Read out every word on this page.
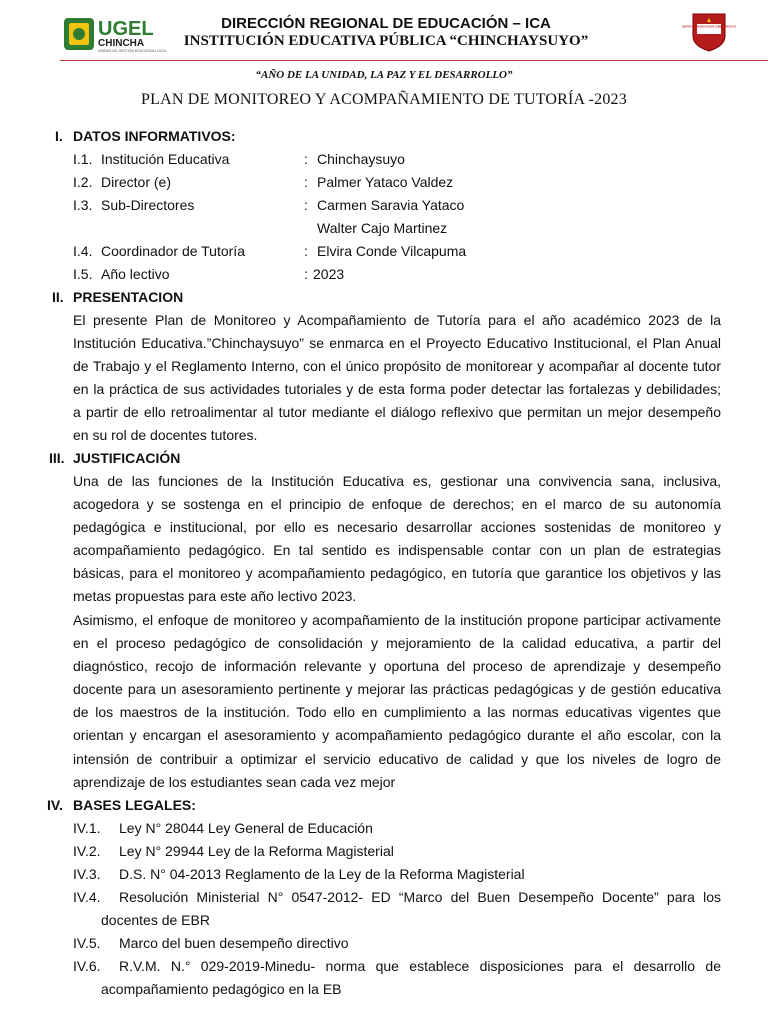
UGEL
CHINCHA
UNIDAD DE GESTIÓN EDUCATIVA LOCAL
DIRECCIÓN REGIONAL DE EDUCACIÓN – ICA
INSTITUCIÓN EDUCATIVA PÚBLICA “CHINCHAYSUYO”
INSTITUCIÓN EDUCATIVA CHINCHAYSUYO
“AÑO DE LA UNIDAD, LA PAZ Y EL DESARROLLO”
PLAN DE MONITOREO Y ACOMPAÑAMIENTO DE TUTORÍA -2023
I. DATOS INFORMATIVOS:
I.1. Institución Educativa	: Chinchaysuyo
I.2. Director (e)	: Palmer Yataco Valdez
I.3. Sub-Directores	: Carmen Saravia Yataco
Walter Cajo Martinez
I.4. Coordinador de Tutoría	: Elvira Conde Vilcapuma
I.5. Año lectivo	: 2023
II. PRESENTACION
El presente Plan de Monitoreo y Acompañamiento de Tutoría para el año académico 2023 de la
Institución Educativa.”Chinchaysuyo” se enmarca en el Proyecto Educativo Institucional, el Plan Anual
de Trabajo y el Reglamento Interno, con el único propósito de monitorear y acompañar al docente tutor
en la práctica de sus actividades tutoriales y de esta forma poder detectar las fortalezas y debilidades;
a partir de ello retroalimentar al tutor mediante el diálogo reflexivo que permitan un mejor desempeño
en su rol de docentes tutores.
III. JUSTIFICACIÓN
Una de las funciones de la Institución Educativa es, gestionar una convivencia sana, inclusiva,
acogedora y se sostenga en el principio de enfoque de derechos; en el marco de su autonomía
pedagógica e institucional, por ello es necesario desarrollar acciones sostenidas de monitoreo y
acompañamiento pedagógico. En tal sentido es indispensable contar con un plan de estrategias
básicas, para el monitoreo y acompañamiento pedagógico, en tutoría que garantice los objetivos y las
metas propuestas para este año lectivo 2023.
Asimismo, el enfoque de monitoreo y acompañamiento de la institución propone participar activamente
en el proceso pedagógico de consolidación y mejoramiento de la calidad educativa, a partir del
diagnóstico, recojo de información relevante y oportuna del proceso de aprendizaje y desempeño
docente para un asesoramiento pertinente y mejorar las prácticas pedagógicas y de gestión educativa
de los maestros de la institución. Todo ello en cumplimiento a las normas educativas vigentes que
orientan y encargan el asesoramiento y acompañamiento pedagógico durante el año escolar, con la
intensión de contribuir a optimizar el servicio educativo de calidad y que los niveles de logro de
aprendizaje de los estudiantes sean cada vez mejor
IV. BASES LEGALES:
IV.1. Ley N° 28044 Ley General de Educación
IV.2. Ley N° 29944 Ley de la Reforma Magisterial
IV.3. D.S. N° 04-2013 Reglamento de la Ley de la Reforma Magisterial
IV.4.	Resolución Ministerial N° 0547-2012- ED “Marco del Buen Desempeño Docente” para los
docentes de EBR
IV.5. Marco del buen desempeño directivo
IV.6.	R.V.M. N.° 029-2019-Minedu- norma que establece disposiciones para el desarrollo de
acompañamiento pedagógico en la EB
